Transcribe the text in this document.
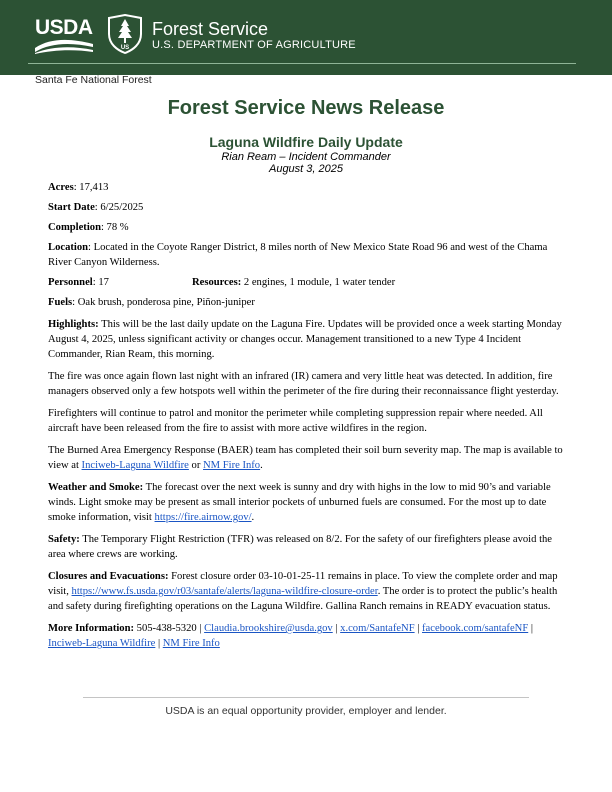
USDA
US
Forest Service
U.S. DEPARTMENT OF AGRICULTURE
Santa Fe National Forest
Forest Service News Release
Laguna Wildfire Daily Update
Rian Ream – Incident Commander
August 3, 2025

Acres: 17,413

Start Date: 6/25/2025

Completion: 78 %

Location: Located in the Coyote Ranger District, 8 miles north of New Mexico State Road 96 and west of the Chama River Canyon Wilderness.

Personnel: 17	Resources: 2 engines, 1 module, 1 water tender

Fuels: Oak brush, ponderosa pine, Piñon-juniper

Highlights: This will be the last daily update on the Laguna Fire. Updates will be provided once a week starting Monday August 4, 2025, unless significant activity or changes occur. Management transitioned to a new Type 4 Incident Commander, Rian Ream, this morning.

The fire was once again flown last night with an infrared (IR) camera and very little heat was detected. In addition, fire managers observed only a few hotspots well within the perimeter of the fire during their reconnaissance flight yesterday.

Firefighters will continue to patrol and monitor the perimeter while completing suppression repair where needed. All aircraft have been released from the fire to assist with more active wildfires in the region.

The Burned Area Emergency Response (BAER) team has completed their soil burn severity map. The map is available to view at Inciweb-Laguna Wildfire or NM Fire Info.

Weather and Smoke: The forecast over the next week is sunny and dry with highs in the low to mid 90’s and variable winds. Light smoke may be present as small interior pockets of unburned fuels are consumed. For the most up to date smoke information, visit https://fire.airnow.gov/.

Safety: The Temporary Flight Restriction (TFR) was released on 8/2. For the safety of our firefighters please avoid the area where crews are working.

Closures and Evacuations: Forest closure order 03-10-01-25-11 remains in place. To view the complete order and map visit, https://www.fs.usda.gov/r03/santafe/alerts/laguna-wildfire-closure-order. The order is to protect the public’s health and safety during firefighting operations on the Laguna Wildfire. Gallina Ranch remains in READY evacuation status.

More Information: 505-438-5320 | Claudia.brookshire@usda.gov | x.com/SantafeNF | facebook.com/santafeNF | Inciweb-Laguna Wildfire | NM Fire Info

USDA is an equal opportunity provider, employer and lender.
